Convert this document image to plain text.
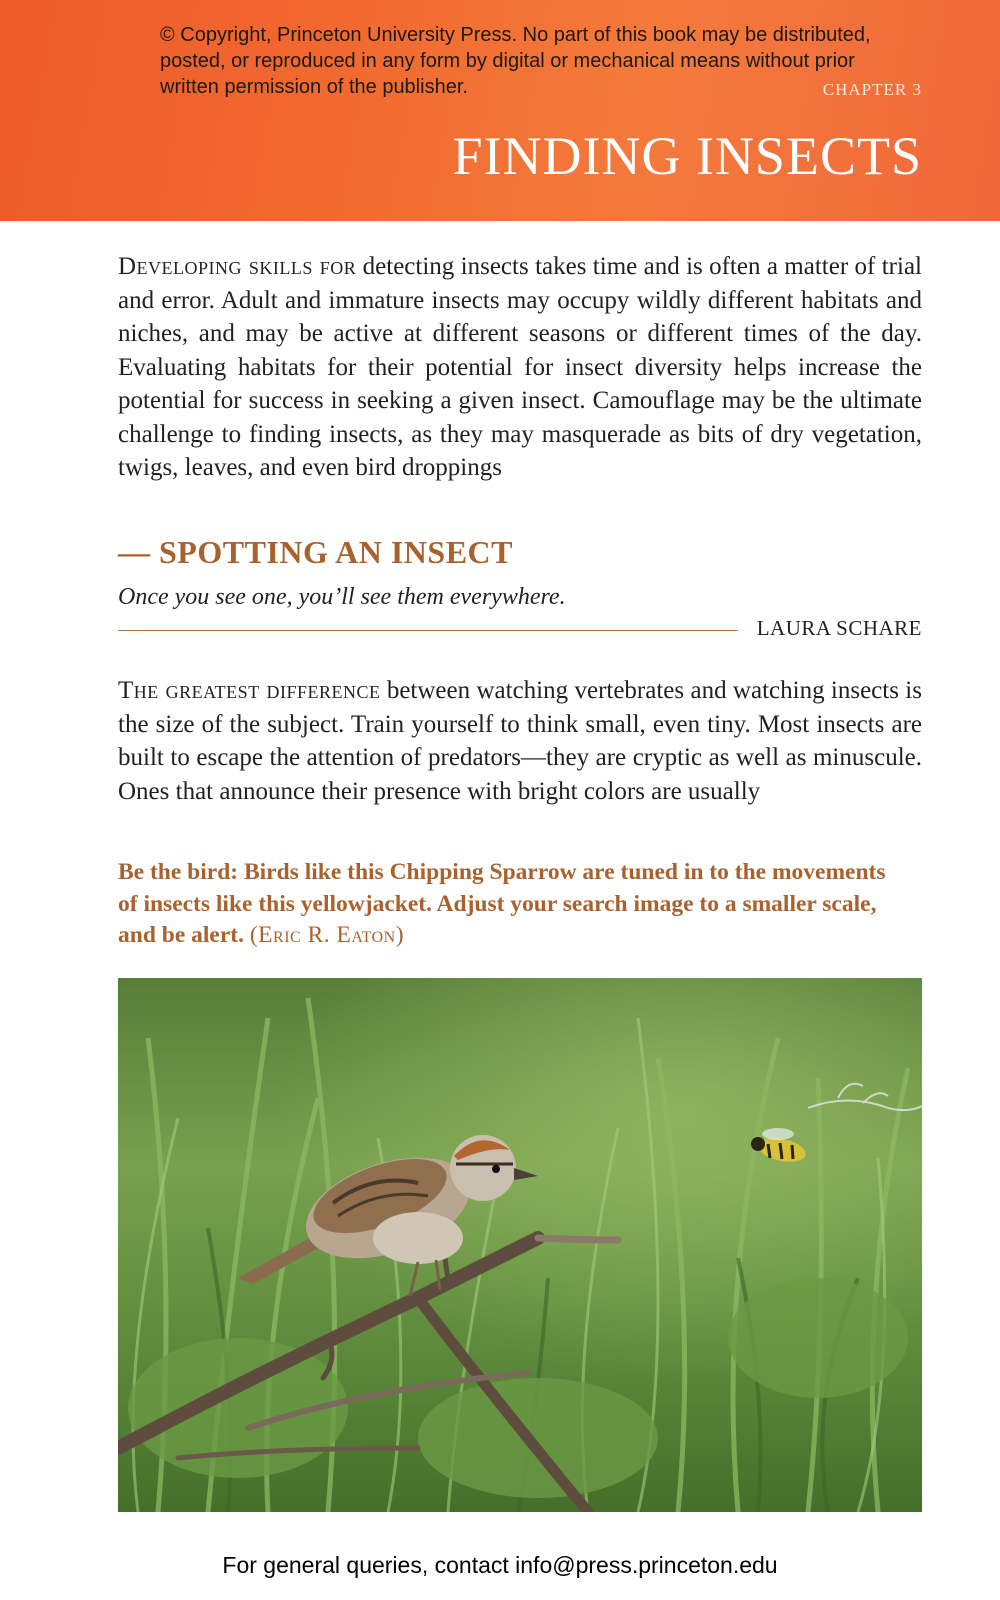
© Copyright, Princeton University Press. No part of this book may be distributed, posted, or reproduced in any form by digital or mechanical means without prior written permission of the publisher.	CHAPTER 3
FINDING INSECTS

Developing skills for detecting insects takes time and is often a matter of trial and error. Adult and immature insects may occupy wildly different habitats and niches, and may be active at different seasons or different times of the day. Evaluating habitats for their potential for insect diversity helps increase the potential for success in seeking a given insect. Camouflage may be the ultimate challenge to finding insects, as they may masquerade as bits of dry vegetation, twigs, leaves, and even bird droppings

— SPOTTING AN INSECT
Once you see one, you’ll see them everywhere.
LAURA SCHARE

The greatest difference between watching vertebrates and watching insects is the size of the subject. Train yourself to think small, even tiny. Most insects are built to escape the attention of predators—they are cryptic as well as minuscule. Ones that announce their presence with bright colors are usually

Be the bird: Birds like this Chipping Sparrow are tuned in to the movements of insects like this yellowjacket. Adjust your search image to a smaller scale, and be alert. (Eric R. Eaton)

For general queries, contact info@press.princeton.edu
